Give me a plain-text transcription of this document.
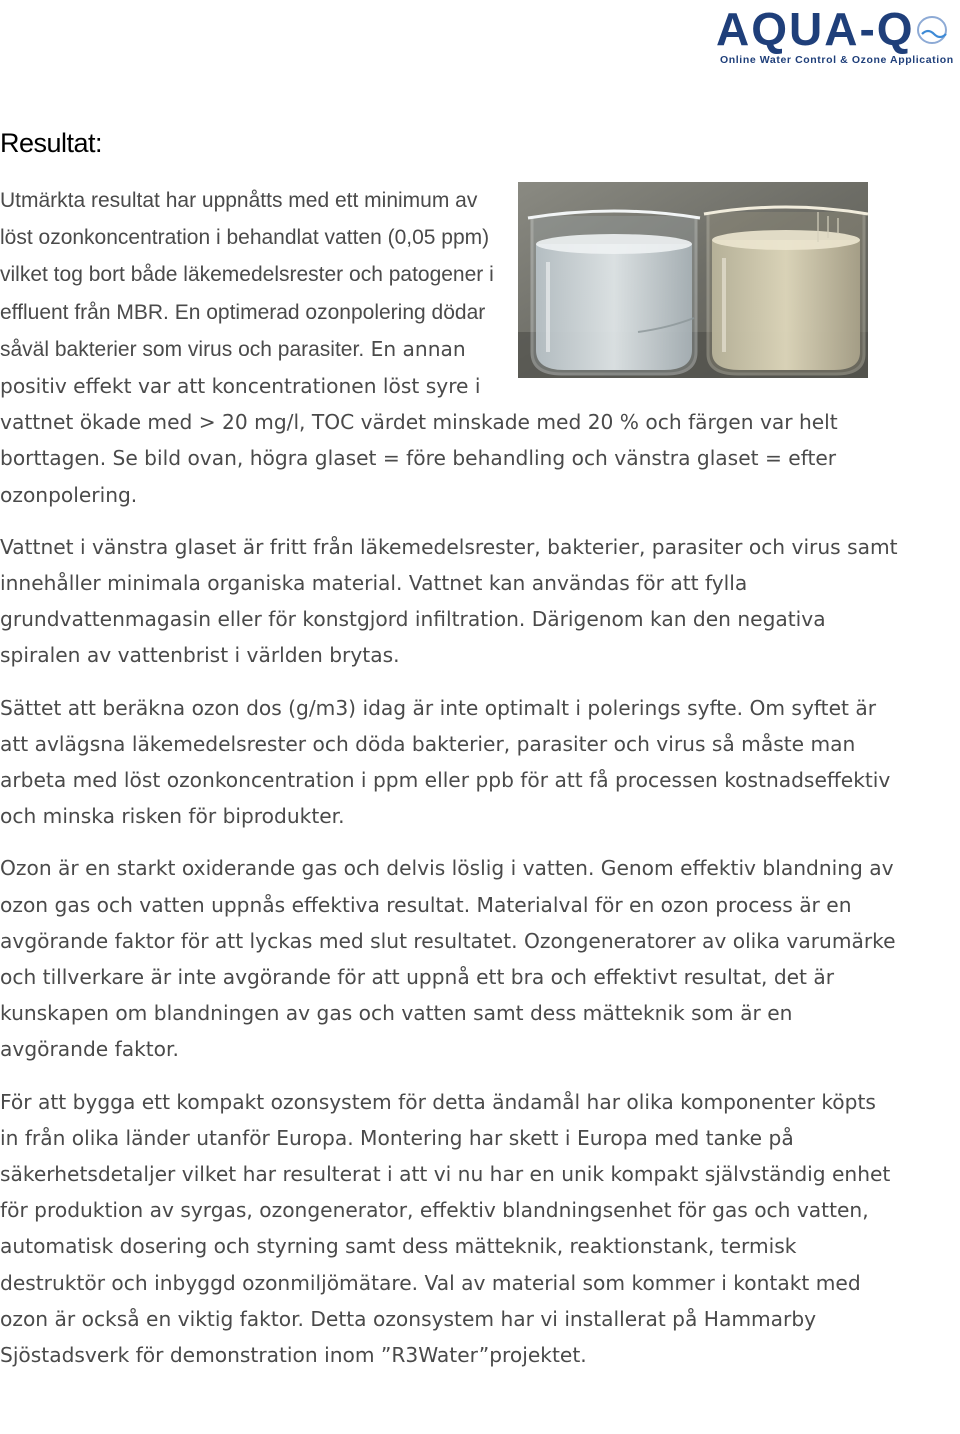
AQUA-Q
Online Water Control & Ozone Application
Resultat:

Utmärkta resultat har uppnåtts med ett minimum av löst ozonkoncentration i behandlat vatten (0,05 ppm) vilket tog bort både läkemedelsrester och patogener i effluent från MBR. En optimerad ozonpolering dödar såväl bakterier som virus och parasiter. En annan positiv effekt var att koncentrationen löst syre i vattnet ökade med > 20 mg/l, TOC värdet minskade med 20 % och färgen var helt borttagen. Se bild ovan, högra glaset = före behandling och vänstra glaset = efter ozonpolering.

Vattnet i vänstra glaset är fritt från läkemedelsrester, bakterier, parasiter och virus samt innehåller minimala organiska material. Vattnet kan användas för att fylla grundvattenmagasin eller för konstgjord infiltration. Därigenom kan den negativa spiralen av vattenbrist i världen brytas.

Sättet att beräkna ozon dos (g/m3) idag är inte optimalt i polerings syfte. Om syftet är att avlägsna läkemedelsrester och döda bakterier, parasiter och virus så måste man arbeta med löst ozonkoncentration i ppm eller ppb för att få processen kostnadseffektiv och minska risken för biprodukter.

Ozon är en starkt oxiderande gas och delvis löslig i vatten. Genom effektiv blandning av ozon gas och vatten uppnås effektiva resultat. Materialval för en ozon process är en avgörande faktor för att lyckas med slut resultatet. Ozongeneratorer av olika varumärke och tillverkare är inte avgörande för att uppnå ett bra och effektivt resultat, det är kunskapen om blandningen av gas och vatten samt dess mätteknik som är en avgörande faktor.

För att bygga ett kompakt ozonsystem för detta ändamål har olika komponenter köpts in från olika länder utanför Europa. Montering har skett i Europa med tanke på säkerhetsdetaljer vilket har resulterat i att vi nu har en unik kompakt självständig enhet för produktion av syrgas, ozongenerator, effektiv blandningsenhet för gas och vatten, automatisk dosering och styrning samt dess mätteknik, reaktionstank, termisk destruktör och inbyggd ozonmiljömätare. Val av material som kommer i kontakt med ozon är också en viktig faktor. Detta ozonsystem har vi installerat på Hammarby Sjöstadsverk för demonstration inom ”R3Water”projektet.
